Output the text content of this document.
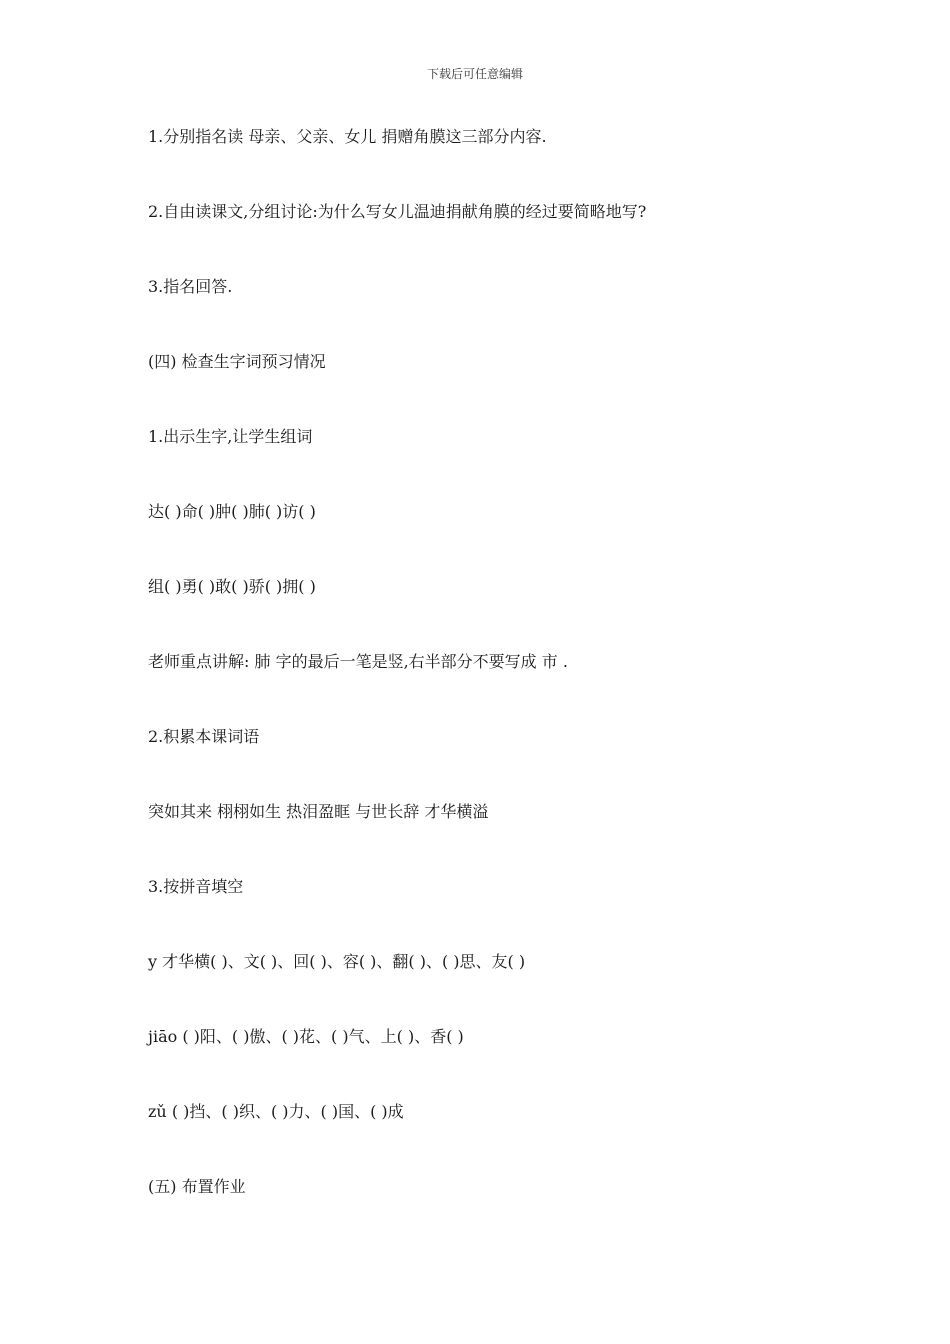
下载后可任意编辑

1.分别指名读 母亲、父亲、女儿 捐赠角膜这三部分内容.

2.自由读课文,分组讨论:为什么写女儿温迪捐献角膜的经过要简略地写?

3.指名回答.

(四) 检查生字词预习情况

1.出示生字,让学生组词

达( )命( )肿( )肺( )访( )

组( )勇( )敢( )骄( )拥( )

老师重点讲解: 肺 字的最后一笔是竖,右半部分不要写成 市 .

2.积累本课词语

突如其来 栩栩如生 热泪盈眶 与世长辞 才华横溢

3.按拼音填空

y 才华横( )、文( )、回( )、容( )、翻( )、( )思、友( )

jiāo ( )阳、( )傲、( )花、( )气、上( )、香( )

zǔ ( )挡、( )织、( )力、( )国、( )成

(五) 布置作业
